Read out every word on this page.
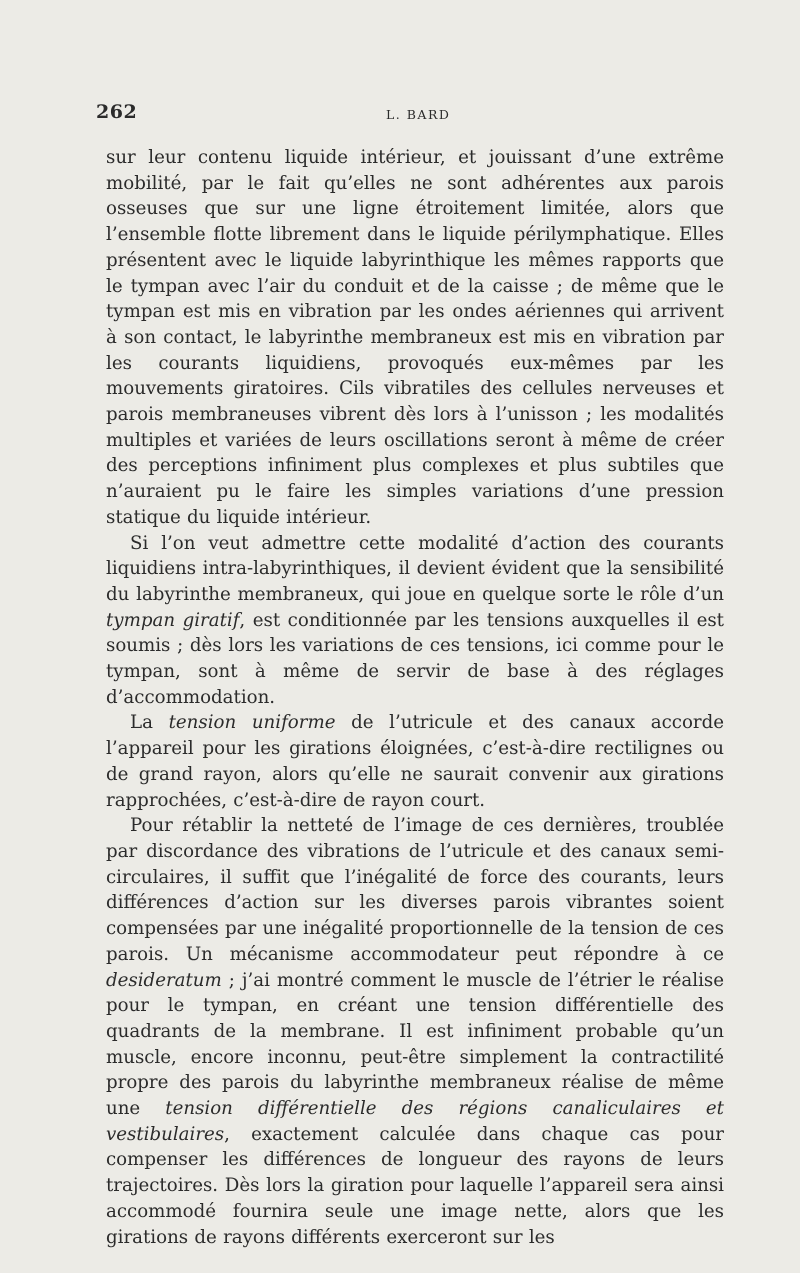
262	L. BARD

sur leur contenu liquide intérieur, et jouissant d’une extrême mobilité, par le fait qu’elles ne sont adhérentes aux parois osseuses que sur une ligne étroitement limitée, alors que l’ensemble flotte librement dans le liquide périlymphatique. Elles présentent avec le liquide labyrinthique les mêmes rapports que le tympan avec l’air du conduit et de la caisse ; de même que le tympan est mis en vibration par les ondes aériennes qui arrivent à son contact, le labyrinthe membraneux est mis en vibration par les courants liquidiens, provoqués eux-mêmes par les mouvements giratoires. Cils vibratiles des cellules nerveuses et parois membraneuses vibrent dès lors à l’unisson ; les modalités multiples et variées de leurs oscillations seront à même de créer des perceptions infiniment plus complexes et plus subtiles que n’auraient pu le faire les simples variations d’une pression statique du liquide intérieur.

Si l’on veut admettre cette modalité d’action des courants liquidiens intra-labyrinthiques, il devient évident que la sensibilité du labyrinthe membraneux, qui joue en quelque sorte le rôle d’un tympan giratif, est conditionnée par les tensions auxquelles il est soumis ; dès lors les variations de ces tensions, ici comme pour le tympan, sont à même de servir de base à des réglages d’accommodation.

La tension uniforme de l’utricule et des canaux accorde l’appareil pour les girations éloignées, c’est-à-dire rectilignes ou de grand rayon, alors qu’elle ne saurait convenir aux girations rapprochées, c’est-à-dire de rayon court.

Pour rétablir la netteté de l’image de ces dernières, troublée par discordance des vibrations de l’utricule et des canaux semi-circulaires, il suffit que l’inégalité de force des courants, leurs différences d’action sur les diverses parois vibrantes soient compensées par une inégalité proportionnelle de la tension de ces parois. Un mécanisme accommodateur peut répondre à ce desideratum ; j’ai montré comment le muscle de l’étrier le réalise pour le tympan, en créant une tension différentielle des quadrants de la membrane. Il est infiniment probable qu’un muscle, encore inconnu, peut-être simplement la contractilité propre des parois du labyrinthe membraneux réalise de même une tension différentielle des régions canaliculaires et vestibulaires, exactement calculée dans chaque cas pour compenser les différences de longueur des rayons de leurs trajectoires. Dès lors la giration pour laquelle l’appareil sera ainsi accommodé fournira seule une image nette, alors que les girations de rayons différents exerceront sur les
